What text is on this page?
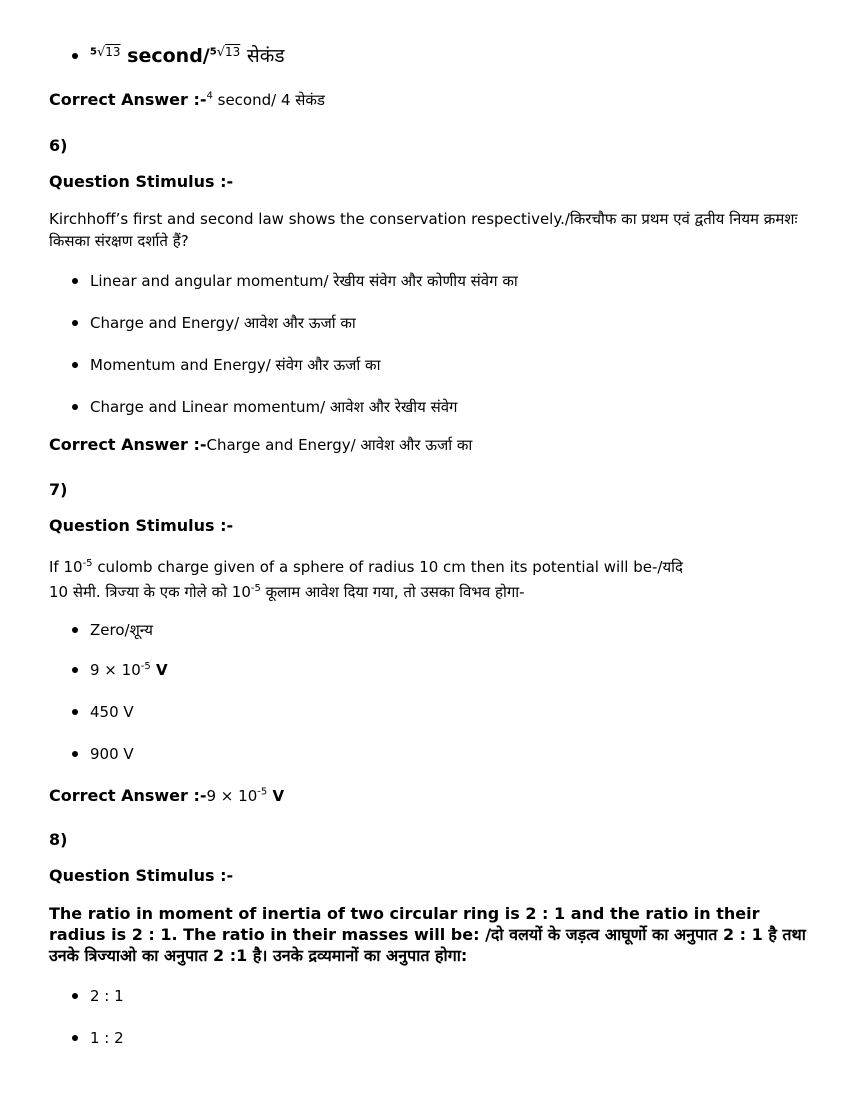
$^{5√13}$ second/$^{5√13}$ सेकंड
Correct Answer :-$^4$ second/ 4 सेकंड
6)
Question Stimulus :-
Kirchhoff’s first and second law shows the conservation respectively./किरचौफ का प्रथम एवं द्वतीय नियम क्रमशः किसका संरक्षण दर्शाते हैं?
Linear and angular momentum/ रेखीय संवेग और कोणीय संवेग का
Charge and Energy/ आवेश और ऊर्जा का
Momentum and Energy/ संवेग और ऊर्जा का
Charge and Linear momentum/ आवेश और रेखीय संवेग
Correct Answer :-Charge and Energy/ आवेश और ऊर्जा का
7)
Question Stimulus :-
If $10^{-5}$ culomb charge given of a sphere of radius 10 cm then its potential will be-/यदि
10 सेमी. त्रिज्या के एक गोले को $10^{-5}$ कूलाम आवेश दिया गया, तो उसका विभव होगा-
Zero/शून्य
$9 \times 10^{-5}$ V
450 V
900 V
Correct Answer :-9 × $10^{-5}$ V
8)
Question Stimulus :-
The ratio in moment of inertia of two circular ring is 2 : 1 and the ratio in their radius is 2 : 1. The ratio in their masses will be: /दो वलयों के जड़त्व आघूर्णो का अनुपात 2 : 1 है तथा उनके त्रिज्याओ का अनुपात 2 :1 है। उनके द्रव्यमानों का अनुपात होगा:
2 : 1
1 : 2
